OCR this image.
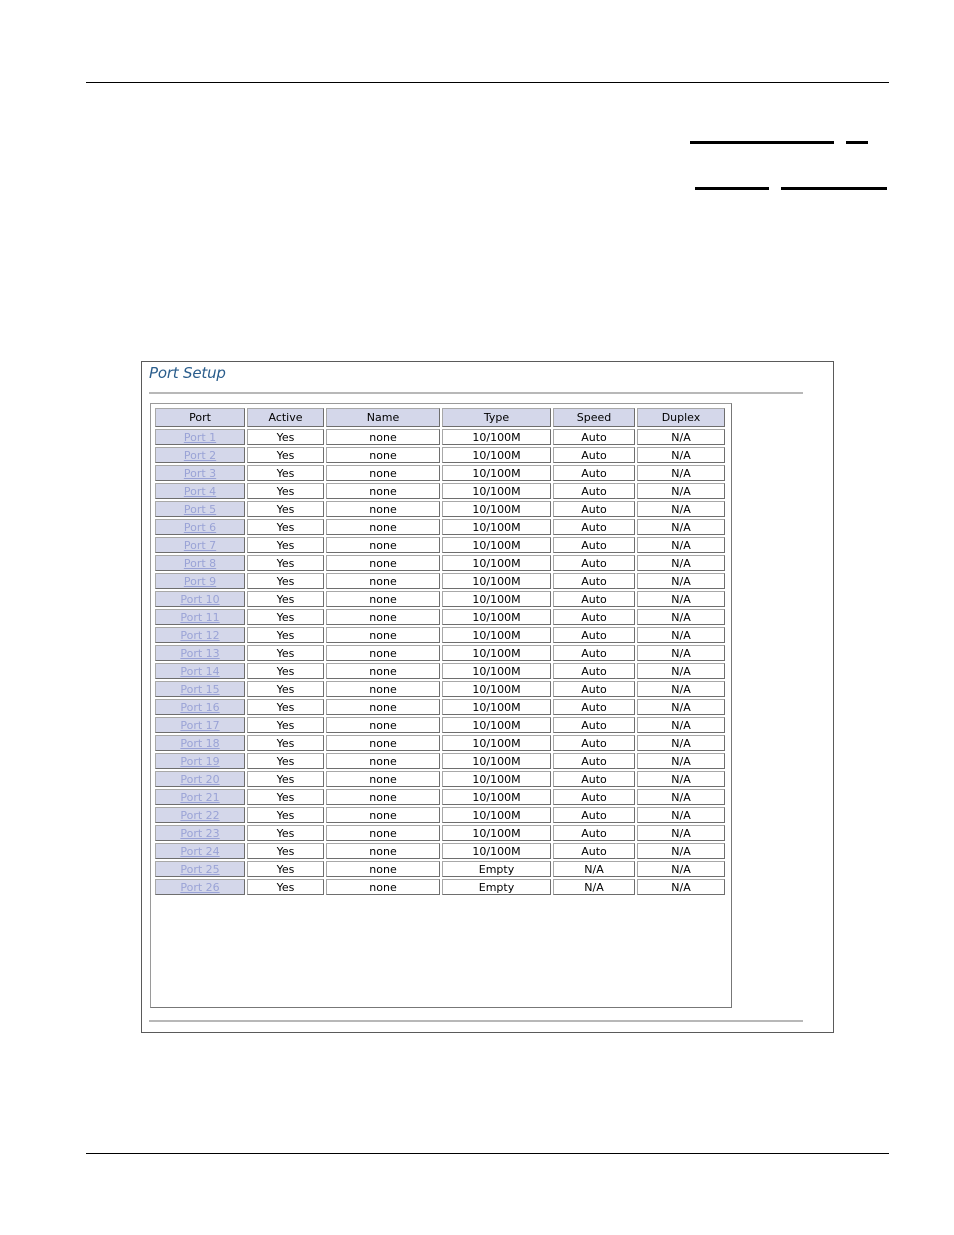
Port Setup
Port	Active	Name	Type	Speed	Duplex
Port 1	Yes	none	10/100M	Auto	N/A
Port 2	Yes	none	10/100M	Auto	N/A
Port 3	Yes	none	10/100M	Auto	N/A
Port 4	Yes	none	10/100M	Auto	N/A
Port 5	Yes	none	10/100M	Auto	N/A
Port 6	Yes	none	10/100M	Auto	N/A
Port 7	Yes	none	10/100M	Auto	N/A
Port 8	Yes	none	10/100M	Auto	N/A
Port 9	Yes	none	10/100M	Auto	N/A
Port 10	Yes	none	10/100M	Auto	N/A
Port 11	Yes	none	10/100M	Auto	N/A
Port 12	Yes	none	10/100M	Auto	N/A
Port 13	Yes	none	10/100M	Auto	N/A
Port 14	Yes	none	10/100M	Auto	N/A
Port 15	Yes	none	10/100M	Auto	N/A
Port 16	Yes	none	10/100M	Auto	N/A
Port 17	Yes	none	10/100M	Auto	N/A
Port 18	Yes	none	10/100M	Auto	N/A
Port 19	Yes	none	10/100M	Auto	N/A
Port 20	Yes	none	10/100M	Auto	N/A
Port 21	Yes	none	10/100M	Auto	N/A
Port 22	Yes	none	10/100M	Auto	N/A
Port 23	Yes	none	10/100M	Auto	N/A
Port 24	Yes	none	10/100M	Auto	N/A
Port 25	Yes	none	Empty	N/A	N/A
Port 26	Yes	none	Empty	N/A	N/A
